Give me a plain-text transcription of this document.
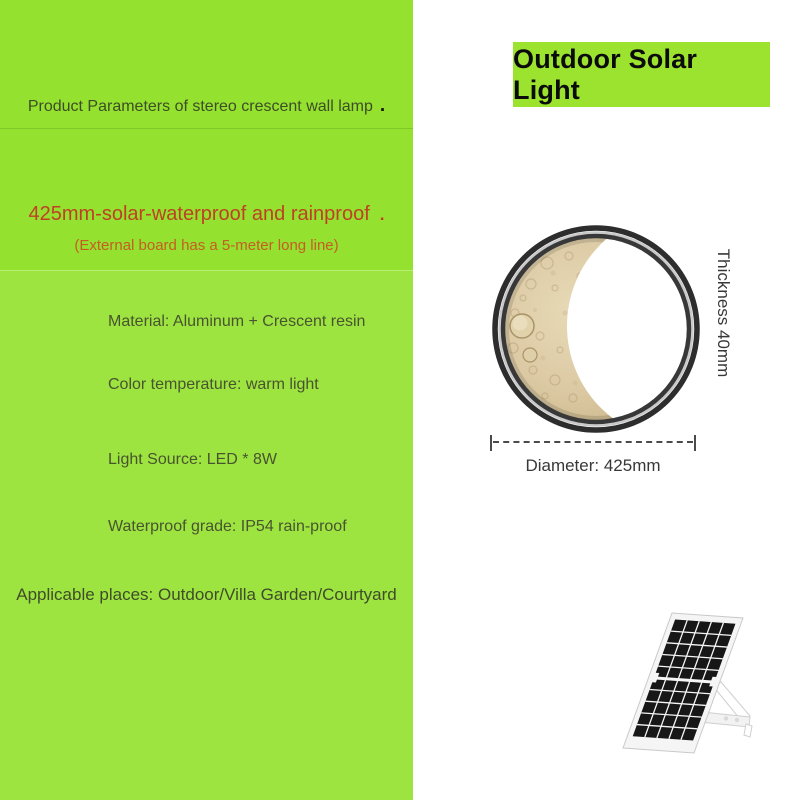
Product Parameters of stereo crescent wall lamp .

425mm-solar-waterproof and rainproof .

(External board has a 5-meter long line)

Material: Aluminum + Crescent resin
Color temperature: warm light
Light Source: LED * 8W
Waterproof grade: IP54 rain-proof
Applicable places: Outdoor/Villa Garden/Courtyard
Outdoor Solar Light
Diameter: 425mm
Thickness 40mm
